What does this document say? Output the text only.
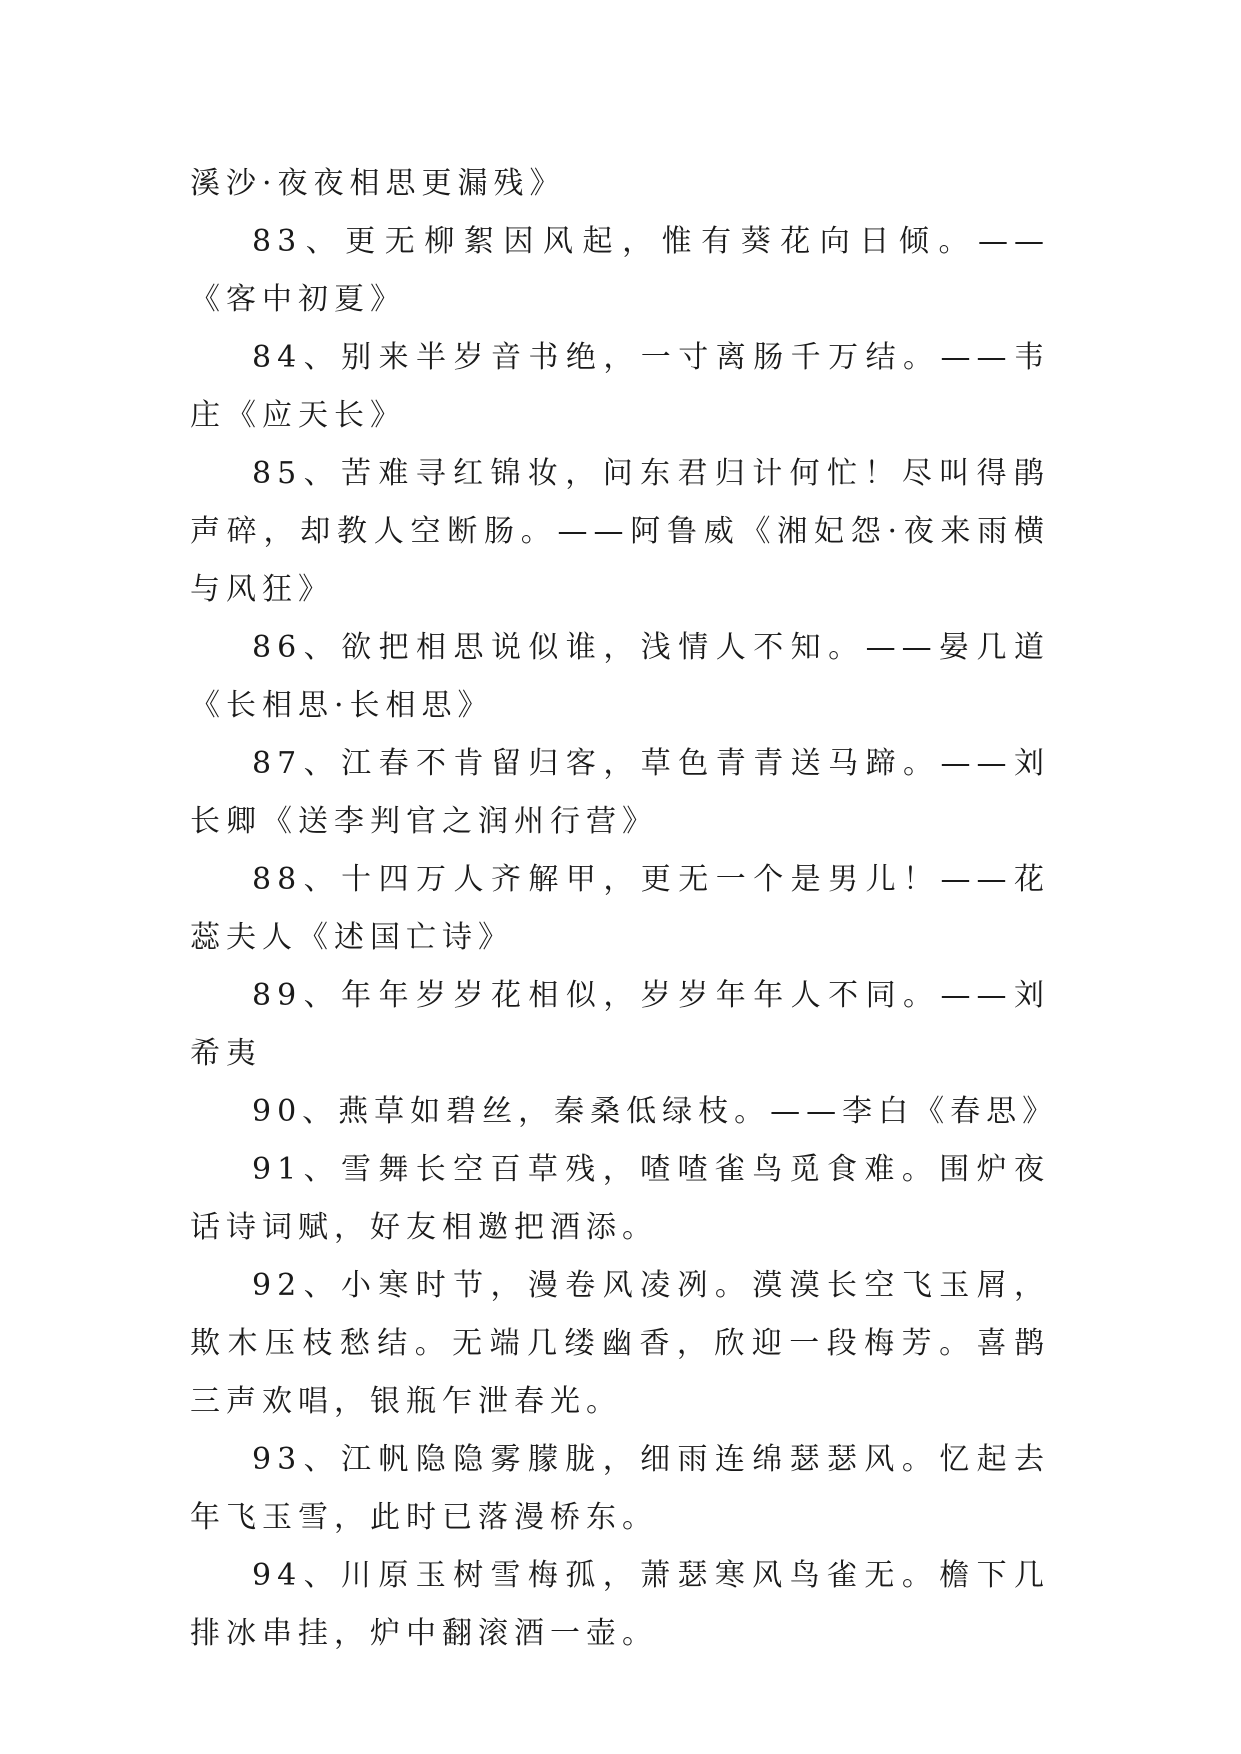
溪沙·夜夜相思更漏残》

83、更无柳絮因风起，惟有葵花向日倾。——《客中初夏》

84、别来半岁音书绝，一寸离肠千万结。——韦庄《应天长》

85、苦难寻红锦妆，问东君归计何忙！尽叫得鹃声碎，却教人空断肠。——阿鲁威《湘妃怨·夜来雨横与风狂》

86、欲把相思说似谁，浅情人不知。——晏几道《长相思·长相思》

87、江春不肯留归客，草色青青送马蹄。——刘长卿《送李判官之润州行营》

88、十四万人齐解甲，更无一个是男儿！——花蕊夫人《述国亡诗》

89、年年岁岁花相似，岁岁年年人不同。——刘希夷

90、燕草如碧丝，秦桑低绿枝。——李白《春思》

91、雪舞长空百草残，喳喳雀鸟觅食难。围炉夜话诗词赋，好友相邀把酒添。

92、小寒时节，漫卷风凌冽。漠漠长空飞玉屑，欺木压枝愁结。无端几缕幽香，欣迎一段梅芳。喜鹊三声欢唱，银瓶乍泄春光。

93、江帆隐隐雾朦胧，细雨连绵瑟瑟风。忆起去年飞玉雪，此时已落漫桥东。

94、川原玉树雪梅孤，萧瑟寒风鸟雀无。檐下几排冰串挂，炉中翻滚酒一壶。
